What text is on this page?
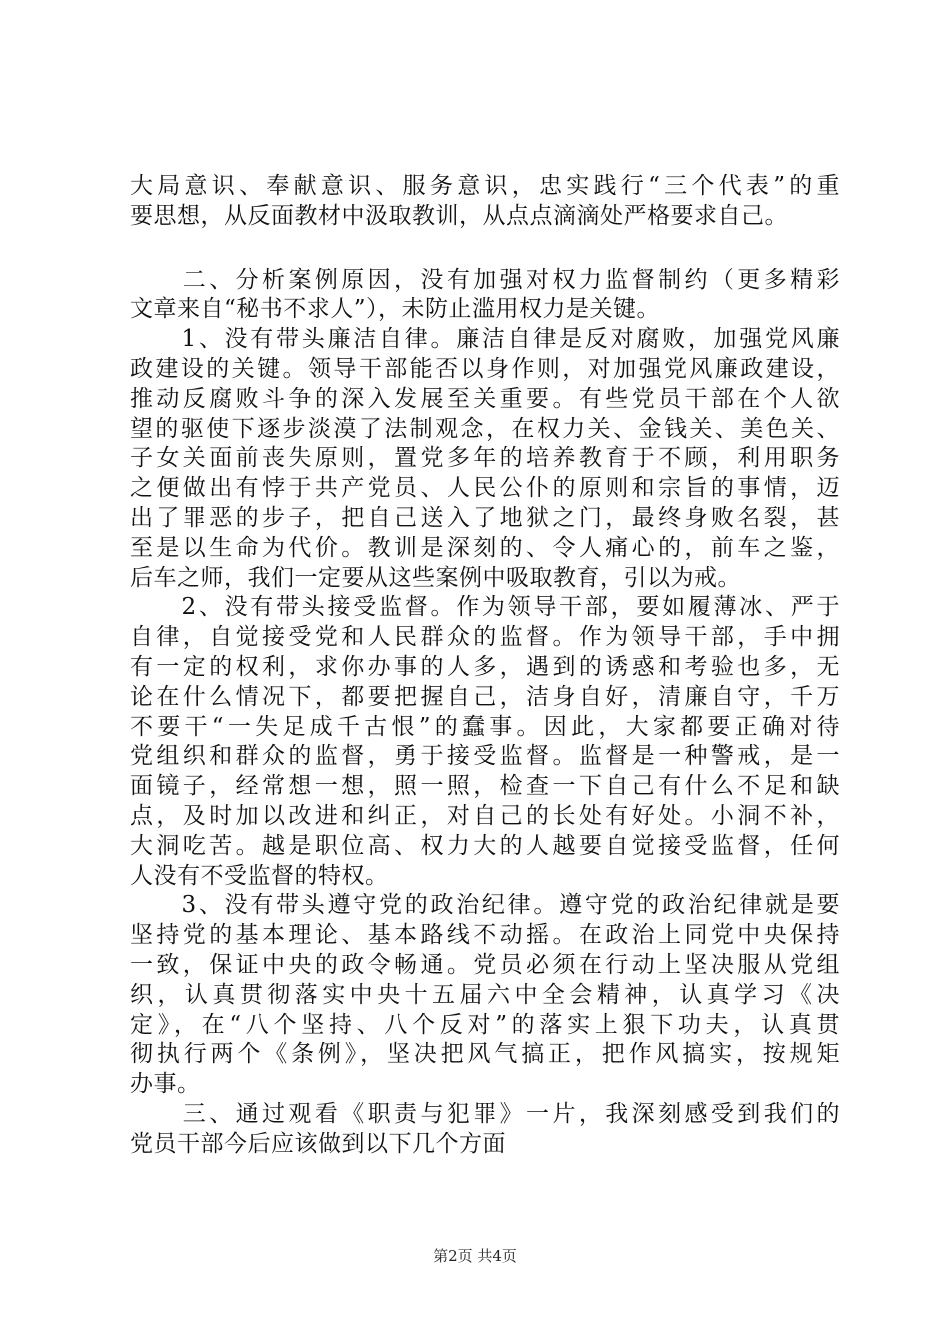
大局意识、奉献意识、服务意识，忠实践行“三个代表”的重
要思想，从反面教材中汲取教训，从点点滴滴处严格要求自己。
　　二、分析案例原因，没有加强对权力监督制约（更多精彩
文章来自“秘书不求人”），未防止滥用权力是关键。
　　1、没有带头廉洁自律。廉洁自律是反对腐败，加强党风廉
政建设的关键。领导干部能否以身作则，对加强党风廉政建设，
推动反腐败斗争的深入发展至关重要。有些党员干部在个人欲
望的驱使下逐步淡漠了法制观念，在权力关、金钱关、美色关、
子女关面前丧失原则，置党多年的培养教育于不顾，利用职务
之便做出有悖于共产党员、人民公仆的原则和宗旨的事情，迈
出了罪恶的步子，把自己送入了地狱之门，最终身败名裂，甚
至是以生命为代价。教训是深刻的、令人痛心的，前车之鉴，
后车之师，我们一定要从这些案例中吸取教育，引以为戒。
　　2、没有带头接受监督。作为领导干部，要如履薄冰、严于
自律，自觉接受党和人民群众的监督。作为领导干部，手中拥
有一定的权利，求你办事的人多，遇到的诱惑和考验也多，无
论在什么情况下，都要把握自己，洁身自好，清廉自守，千万
不要干“一失足成千古恨”的蠢事。因此，大家都要正确对待
党组织和群众的监督，勇于接受监督。监督是一种警戒，是一
面镜子，经常想一想，照一照，检查一下自己有什么不足和缺
点，及时加以改进和纠正，对自己的长处有好处。小洞不补，
大洞吃苦。越是职位高、权力大的人越要自觉接受监督，任何
人没有不受监督的特权。
　　3、没有带头遵守党的政治纪律。遵守党的政治纪律就是要
坚持党的基本理论、基本路线不动摇。在政治上同党中央保持
一致，保证中央的政令畅通。党员必须在行动上坚决服从党组
织，认真贯彻落实中央十五届六中全会精神，认真学习《决
定》，在“八个坚持、八个反对”的落实上狠下功夫，认真贯
彻执行两个《条例》，坚决把风气搞正，把作风搞实，按规矩
办事。
　　三、通过观看《职责与犯罪》一片，我深刻感受到我们的
党员干部今后应该做到以下几个方面
第2页 共4页
